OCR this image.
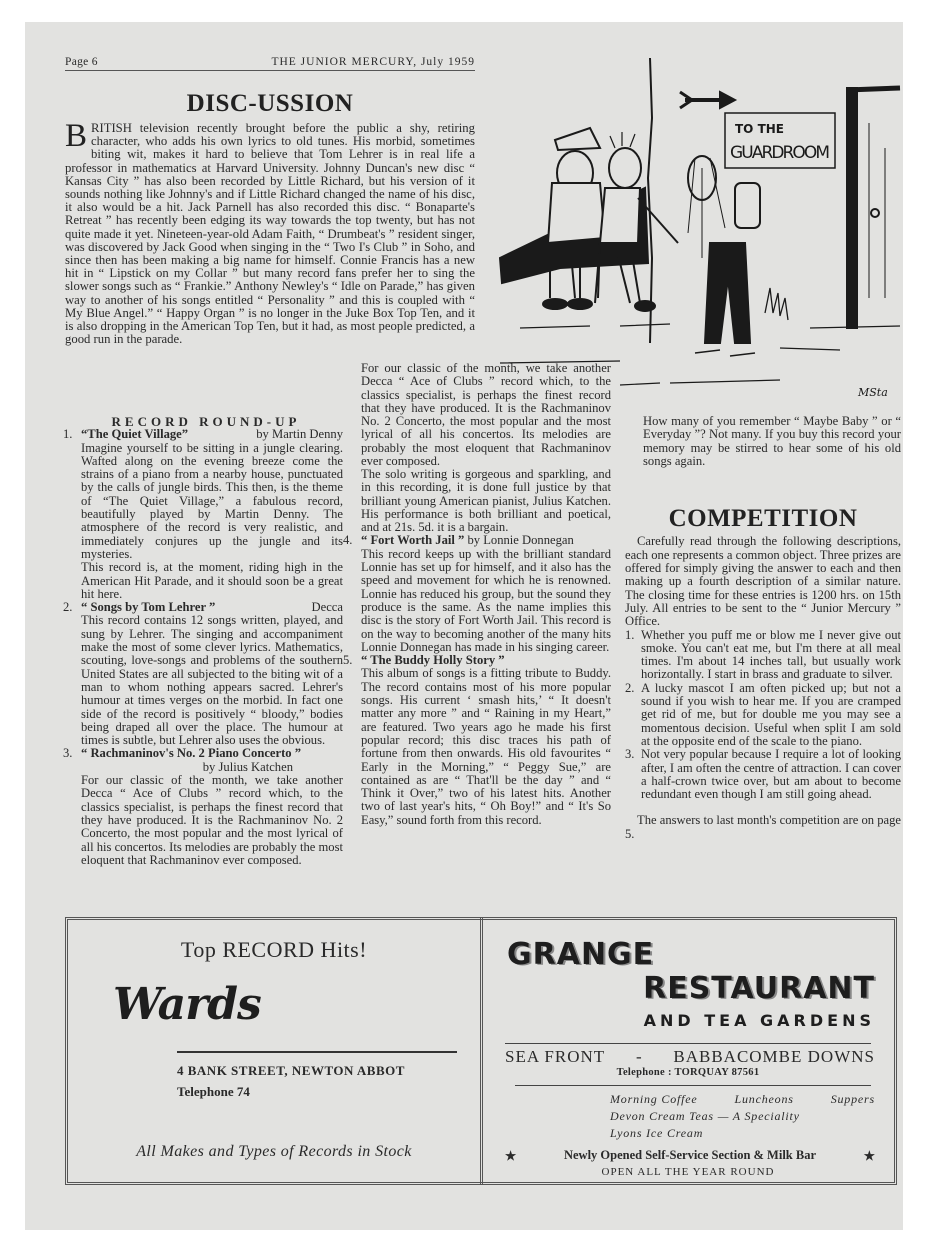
Page 6	THE JUNIOR MERCURY, July 1959
DISC-USSION
BRITISH television recently brought before the public a shy, retiring character, who adds his own lyrics to old tunes. His morbid, sometimes biting wit, makes it hard to believe that Tom Lehrer is in real life a professor in mathematics at Harvard University. Johnny Duncan's new disc “ Kansas City ” has also been recorded by Little Richard, but his version of it sounds nothing like Johnny's and if Little Richard changed the name of his disc, it also would be a hit. Jack Parnell has also recorded this disc. “ Bonaparte's Retreat ” has recently been edging its way towards the top twenty, but has not quite made it yet. Nineteen-year-old Adam Faith, “ Drumbeat's ” resident singer, was discovered by Jack Good when singing in the “ Two I's Club ” in Soho, and since then has been making a big name for himself. Connie Francis has a new hit in “ Lipstick on my Collar ” but many record fans prefer her to sing the slower songs such as “ Frankie.” Anthony Newley's “ Idle on Parade,” has given way to another of his songs entitled “ Personality ” and this is coupled with “ My Blue Angel.” “ Happy Organ ” is no longer in the Juke Box Top Ten, and it is also dropping in the American Top Ten, but it had, as most people predicted, a good run in the parade.
TO THE
GUARDROOM
MSta
RECORD ROUND-UP
1. “The Quiet Village”	by Martin Denny
Imagine yourself to be sitting in a jungle clearing. Wafted along on the evening breeze come the strains of a piano from a nearby house, punctuated by the calls of jungle birds. This then, is the theme of “The Quiet Village,” a fabulous record, beautifully played by Martin Denny. The atmosphere of the record is very realistic, and immediately conjures up the jungle and its mysteries.
This record is, at the moment, riding high in the American Hit Parade, and it should soon be a great hit here.
2. “ Songs by Tom Lehrer ”	Decca
This record contains 12 songs written, played, and sung by Lehrer. The singing and accompaniment make the most of some clever lyrics. Mathematics, scouting, love-songs and problems of the southern United States are all subjected to the biting wit of a man to whom nothing appears sacred. Lehrer's humour at times verges on the morbid. In fact one side of the record is positively “ bloody,” bodies being draped all over the place. The humour at times is subtle, but Lehrer also uses the obvious.
3. “ Rachmaninov's No. 2 Piano Concerto ”
by Julius Katchen
For our classic of the month, we take another Decca “ Ace of Clubs ” record which, to the classics specialist, is perhaps the finest record that they have produced. It is the Rachmaninov No. 2 Concerto, the most popular and the most lyrical of all his concertos. Its melodies are probably the most eloquent that Rachmaninov ever composed.
For our classic of the month, we take another Decca “ Ace of Clubs ” record which, to the classics specialist, is perhaps the finest record that they have produced. It is the Rachmaninov No. 2 Concerto, the most popular and the most lyrical of all his concertos. Its melodies are probably the most eloquent that Rachmaninov ever composed.
The solo writing is gorgeous and sparkling, and in this recording, it is done full justice by that brilliant young American pianist, Julius Katchen. His performance is both brilliant and poetical, and at 21s. 5d. it is a bargain.
4. “ Fort Worth Jail ” by Lonnie Donnegan
This record keeps up with the brilliant standard Lonnie has set up for himself, and it also has the speed and movement for which he is renowned. Lonnie has reduced his group, but the sound they produce is the same. As the name implies this disc is the story of Fort Worth Jail. This record is on the way to becoming another of the many hits Lonnie Donnegan has made in his singing career.
5. “ The Buddy Holly Story ”
This album of songs is a fitting tribute to Buddy. The record contains most of his more popular songs. His current ‘ smash hits,’ “ It doesn't matter any more ” and “ Raining in my Heart,” are featured. Two years ago he made his first popular record; this disc traces his path of fortune from then onwards. His old favourites “ Early in the Morning,” “ Peggy Sue,” are contained as are “ That'll be the day ” and “ Think it Over,” two of his latest hits. Another two of last year's hits, “ Oh Boy!” and “ It's So Easy,” sound forth from this record.
How many of you remember “ Maybe Baby ” or “ Everyday ”? Not many. If you buy this record your memory may be stirred to hear some of his old songs again.
COMPETITION
Carefully read through the following descriptions, each one represents a common object. Three prizes are offered for simply giving the answer to each and then making up a fourth description of a similar nature. The closing time for these entries is 1200 hrs. on 15th July. All entries to be sent to the “ Junior Mercury ” Office.
1. Whether you puff me or blow me I never give out smoke. You can't eat me, but I'm there at all meal times. I'm about 14 inches tall, but usually work horizontally. I start in brass and graduate to silver.
2. A lucky mascot I am often picked up; but not a sound if you wish to hear me. If you are cramped get rid of me, but for double me you may see a momentous decision. Useful when split I am sold at the opposite end of the scale to the piano.
3. Not very popular because I require a lot of looking after, I am often the centre of attraction. I can cover a half-crown twice over, but am about to become redundant even though I am still going ahead.
The answers to last month's competition are on page 5.
Top RECORD Hits!
Wards
4 BANK STREET, NEWTON ABBOT
Telephone 74
All Makes and Types of Records in Stock
GRANGE
RESTAURANT
AND TEA GARDENS
SEA FRONT - BABBACOMBE DOWNS
Telephone : TORQUAY 87561
Morning Coffee	Luncheons	Suppers
Devon Cream Teas — A Speciality
Lyons Ice Cream
★	Newly Opened Self-Service Section & Milk Bar	★
OPEN ALL THE YEAR ROUND
